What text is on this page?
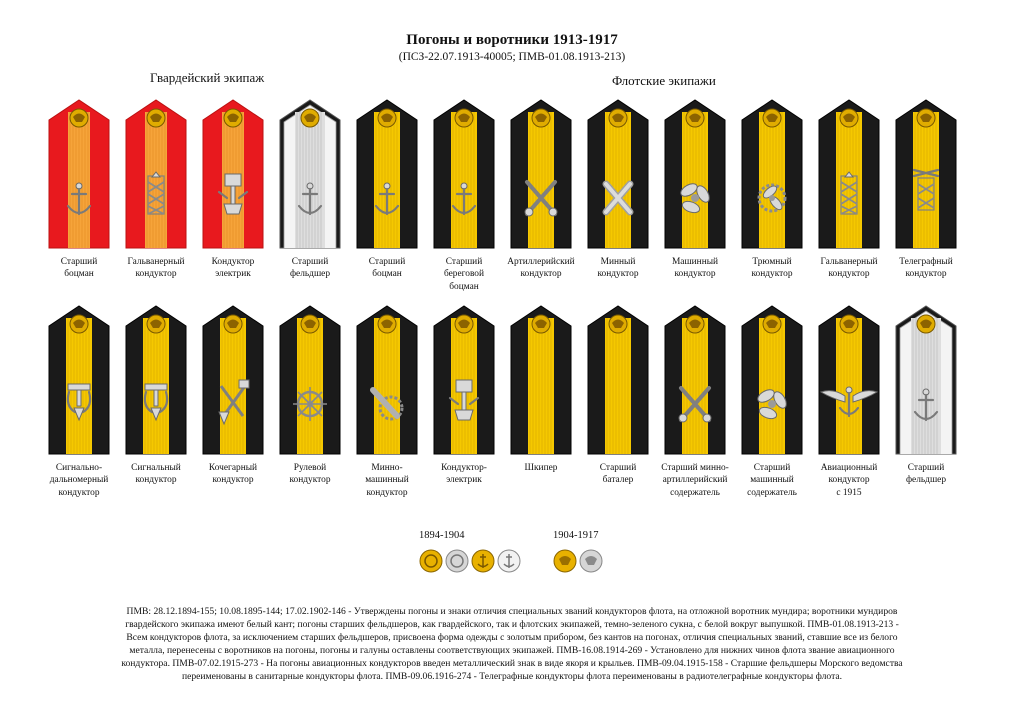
Погоны и воротники 1913-1917
(ПСЗ-22.07.1913-40005; ПМВ-01.08.1913-213)
Гвардейский экипаж	Флотские экипажи
Старший
боцман
Гальванерный
кондуктор
Кондуктор
электрик
Старший
фельдшер
Старший
боцман
Старший
береговой
боцман
Артиллерийский
кондуктор
Минный
кондуктор
Машинный
кондуктор
Трюмный
кондуктор
Гальванерный
кондуктор
Телеграфный
кондуктор
Сигнально-
дальномерный
кондуктор
Сигнальный
кондуктор
Кочегарный
кондуктор
Рулевой
кондуктор
Минно-
машинный
кондуктор
Кондуктор-
электрик
Шкипер	Старший
баталер
Старший минно-
артиллерийский
содержатель
Старший
машинный
содержатель
Авиационный
кондуктор
с 1915
Старший
фельдшер
1894-1904	1904-1917
ПМВ: 28.12.1894-155; 10.08.1895-144; 17.02.1902-146 - Утверждены погоны и знаки отличия специальных званий кондукторов флота, на отложной воротник мундира; воротники мундиров
гвардейского экипажа имеют белый кант; погоны старших фельдшеров, как гвардейского, так и флотских экипажей, темно-зеленого сукна, с белой вокруг выпушкой. ПМВ-01.08.1913-213 -
Всем кондукторов флота, за исключением старших фельдшеров, присвоена форма одежды с золотым прибором, без кантов на погонах, отличия специальных званий, ставшие все из белого
металла, перенесены с воротников на погоны, погоны и галуны оставлены соответствующих экипажей. ПМВ-16.08.1914-269 - Установлено для нижних чинов флота звание авиационного
кондуктора. ПМВ-07.02.1915-273 - На погоны авиационных кондукторов введен металлический знак в виде якоря и крыльев. ПМВ-09.04.1915-158 - Старшие фельдшеры Морского ведомства
переименованы в санитарные кондукторы флота. ПМВ-09.06.1916-274 - Телеграфные кондукторы флота переименованы в радиотелеграфные кондукторы флота.
